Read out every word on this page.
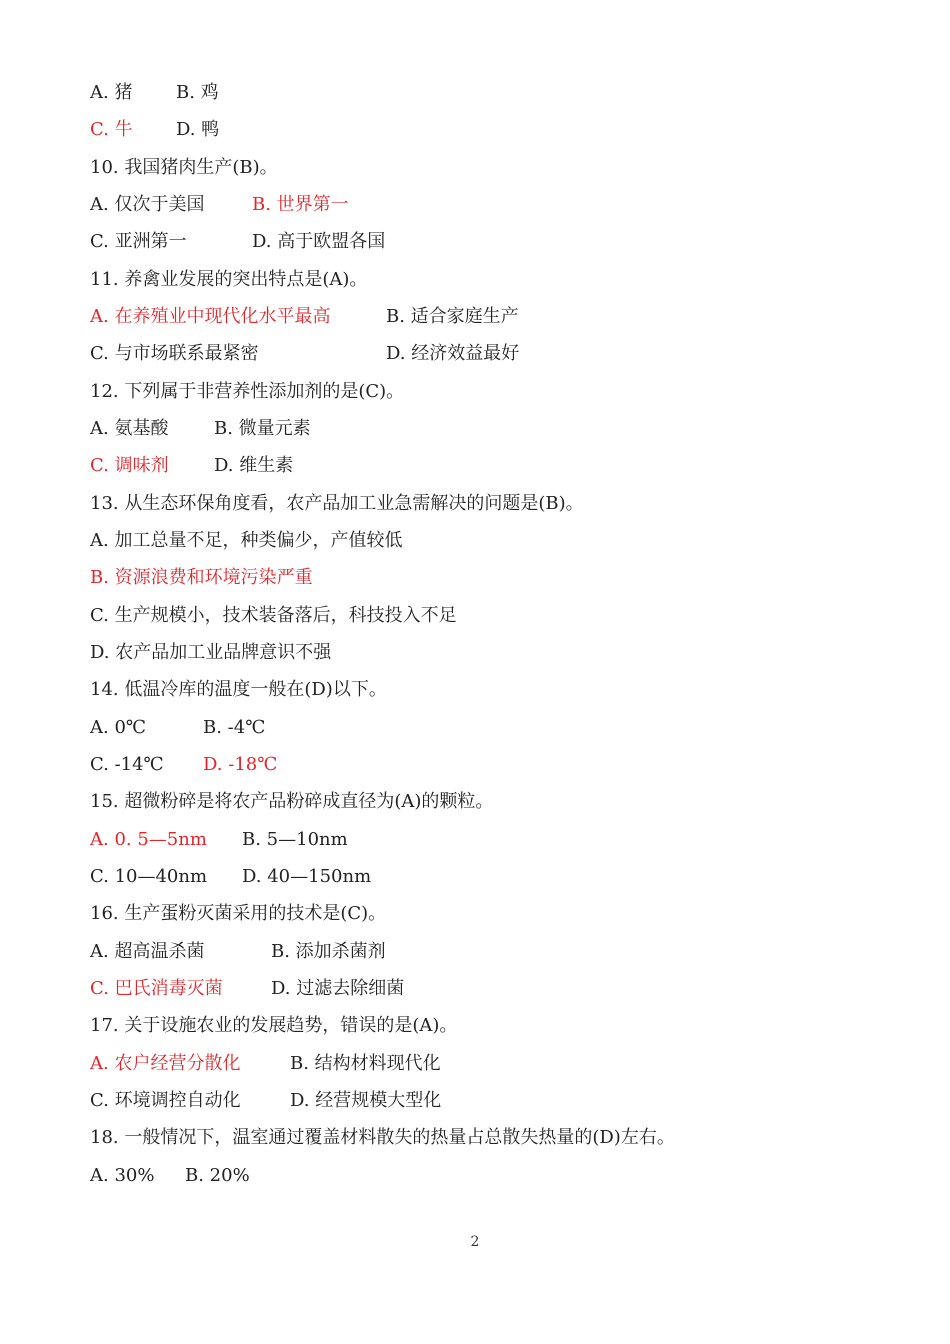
A. 猪 B. 鸡
C. 牛 D. 鸭
10. 我国猪肉生产(B)。
A. 仅次于美国	B. 世界第一
C. 亚洲第一	D. 高于欧盟各国
11. 养禽业发展的突出特点是(A)。
A. 在养殖业中现代化水平最高	B. 适合家庭生产
C. 与市场联系最紧密	D. 经济效益最好
12. 下列属于非营养性添加剂的是(C)。
A. 氨基酸	B. 微量元素
C. 调味剂	D. 维生素
13. 从生态环保角度看，农产品加工业急需解决的问题是(B)。
A. 加工总量不足，种类偏少，产值较低
B. 资源浪费和环境污染严重
C. 生产规模小，技术装备落后，科技投入不足
D. 农产品加工业品牌意识不强
14. 低温冷库的温度一般在(D)以下。
A. 0℃	B. -4℃
C. -14℃ D. -18℃
15. 超微粉碎是将农产品粉碎成直径为(A)的颗粒。
A. 0. 5—5nm B. 5—10nm
C. 10—40nm D. 40—150nm
16. 生产蛋粉灭菌采用的技术是(C)。
A. 超高温杀菌	B. 添加杀菌剂
C. 巴氏消毒灭菌	D. 过滤去除细菌
17. 关于设施农业的发展趋势，错误的是(A)。
A. 农户经营分散化	B. 结构材料现代化
C. 环境调控自动化	D. 经营规模大型化
18. 一般情况下，温室通过覆盖材料散失的热量占总散失热量的(D)左右。
A. 30% B. 20%
2
